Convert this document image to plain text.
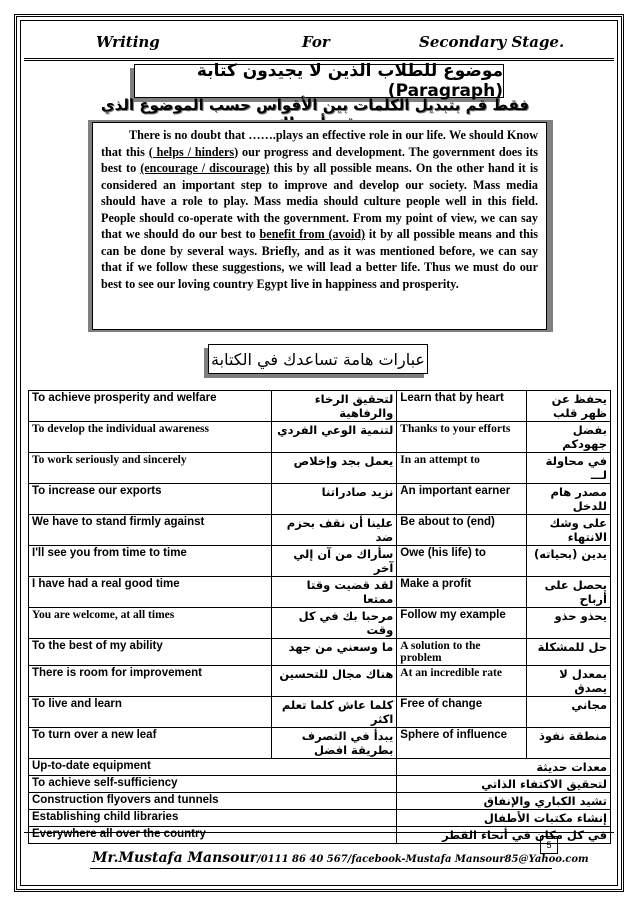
Writing	For	Secondary Stage.
موضوع للطلاب الذين لا يجيدون كتابة (Paragraph)
فقط قم بتبديل الكلمات بين الأقواس حسب الموضوع الذي

There is no doubt that …….plays an effective role in our life. We should Know that this ( helps / hinders) our progress and development. The government does its best to (encourage / discourage) this by all possible means. On the other hand it is considered an important step to improve and develop our society. Mass media should have a role to play. Mass media should culture people well in this field. People should co-operate with the government. From my point of view, we can say that we should do our best to benefit from (avoid) it by all possible means and this can be done by several ways. Briefly, and as it was mentioned before, we can say that if we follow these suggestions, we will lead a better life. Thus we must do our best to see our loving country Egypt live in happiness and prosperity.

عبارات هامة تساعدك في الكتابة
To achieve prosperity and welfare	لتحقيق الرخاء والرفاهية	Learn that by heart	يحفظ عن ظهر قلب
To develop the individual awareness	لتنمية الوعي الفردي	Thanks to your efforts	بفضل جهودكم
To work seriously and sincerely	يعمل بجد وإخلاص	In an attempt to	في محاولة لـــ
To increase our exports	نزيد صادراتنا	An important earner	مصدر هام للدخل
We have to stand firmly against	علينا أن نقف بحزم ضد	Be about to (end)	على وشك الانتهاء
I'll see you from time to time	سأراك من آن إلي آخر	Owe (his life) to	يدين (بحياته)
I have had a real good time	لقد قضيت وقتا ممتعا	Make a profit	يحصل على أرباح
You are welcome, at all times	مرحبا بك في كل وقت	Follow my example	يحذو حذو
To the best of my ability	ما وسعني من جهد	A solution to the problem	حل للمشكلة
There is room for improvement	هناك مجال للتحسين	At an incredible rate	بمعدل لا يصدق
To live and learn	كلما عاش كلما تعلم اكثر	Free of change	مجاني
To turn over a new leaf	يبدأ في التصرف بطريقة افضل	Sphere of influence	منطقة نفوذ
Up-to-date equipment		معدات حديثة	
To achieve self-sufficiency		لتحقيق الاكتفاء الذاتي	
Construction flyovers and tunnels		تشيد الكباري والإنفاق	
Establishing child libraries		إنشاء مكتبات الأطفال	
Everywhere all over the country		في كل مكان في أنحاء القطر	
5
Mr.Mustafa Mansour/0111 86 40 567/facebook-Mustafa Mansour85@Yahoo.com
